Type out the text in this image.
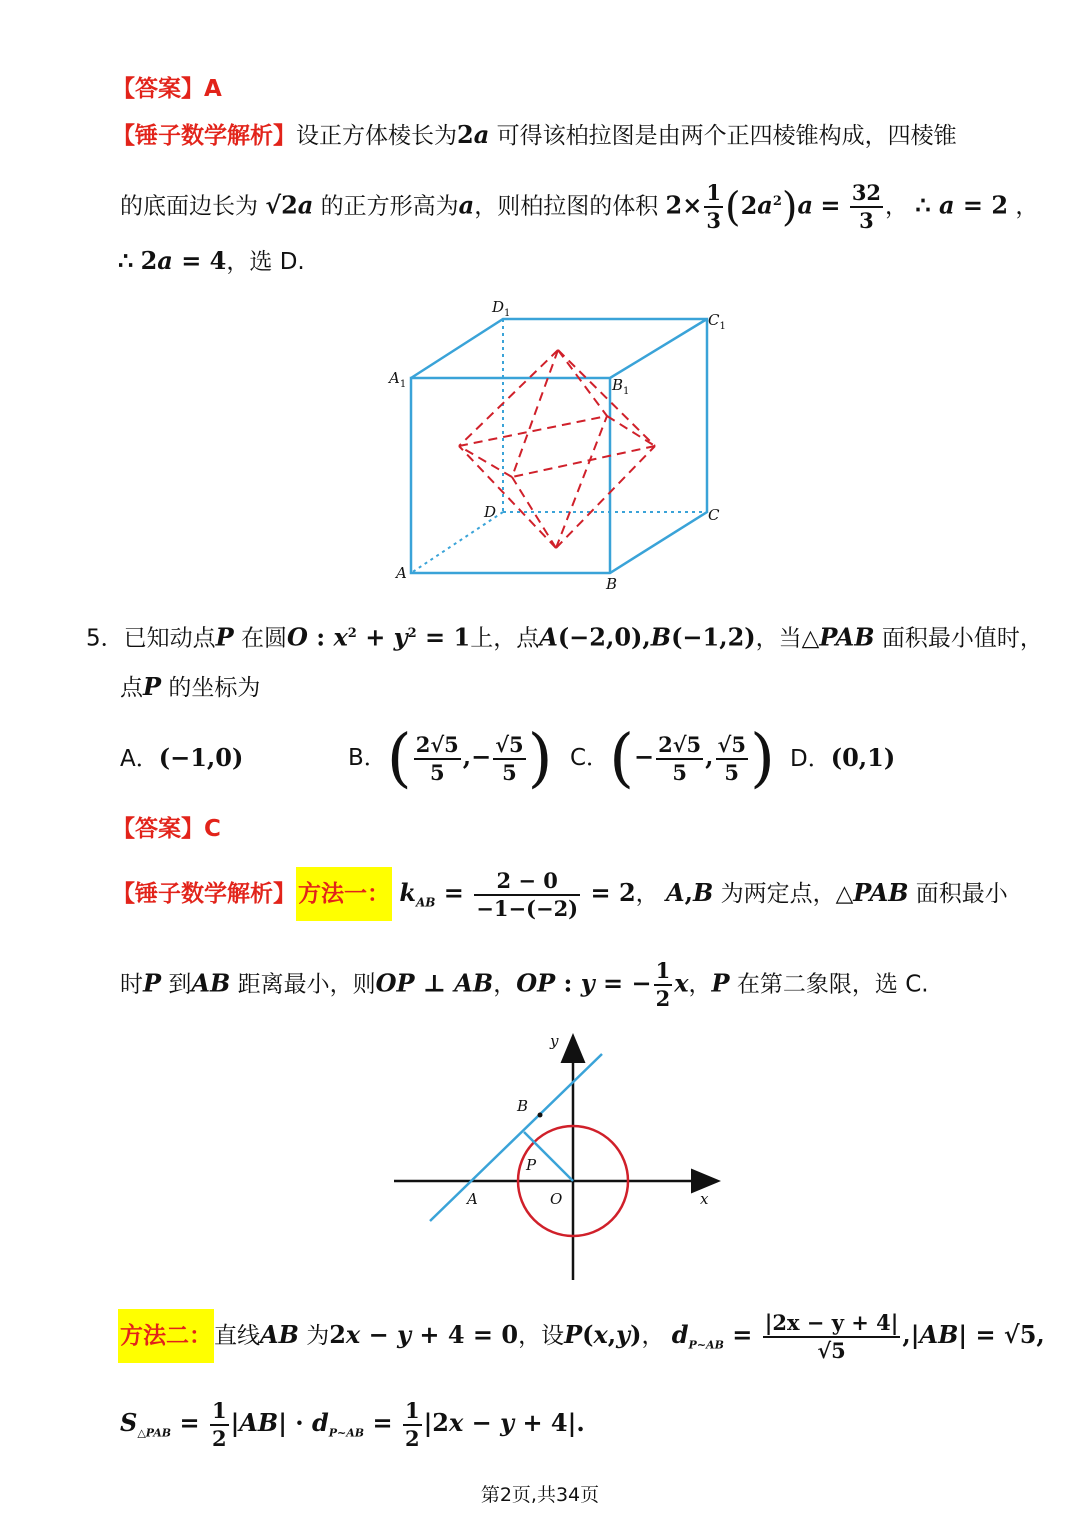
【答案】A
【锤子数学解析】设正方体棱长为2a 可得该柏拉图是由两个正四棱锥构成，四棱锥
的底面边长为 √2a 的正方形高为a，则柏拉图的体积 $2\times \frac{1}{3} (2a^2)a = \frac{32}{3}$ ， ∴ a = 2 ，
∴ 2a = 4，选 D.
$D_1$	$C_1$
$A_1$	$B_1$
D	C
A
B
5．已知动点P 在圆O : $x^2 + y^2 = 1$上，点A(−2,0),B(−1,2)，当△PAB 面积最小值时，
点P 的坐标为
A．(−1,0)	B．( $\frac{2√5}{5}$ ,− $\frac{√5}{5}$ ) C．(− $\frac{2√5}{5}$ , $\frac{√5}{5}$ ) D．(0,1)
【答案】C
【锤子数学解析】方法一： $k_{AB} = \frac{2 - 0}{-1-(-2)} = 2$， A,B 为两定点，△PAB 面积最小
时P 到AB 距离最小，则OP ⊥ AB，OP : y = − $\frac{1}{2}$ x，P 在第二象限，选 C.
y
x
B
P
A	O
方法二：直线AB 为2x − y + 4 = 0，设P(x,y)， $d_{P\sim AB} = \frac{|2x - y + 4|}{√5} ,|AB| = √5$,
$S_{\triangle PAB} = \frac{1}{2} |AB| \cdot d_{P\sim AB} = \frac{1}{2} |2x - y + 4|$.
第2页,共34页
